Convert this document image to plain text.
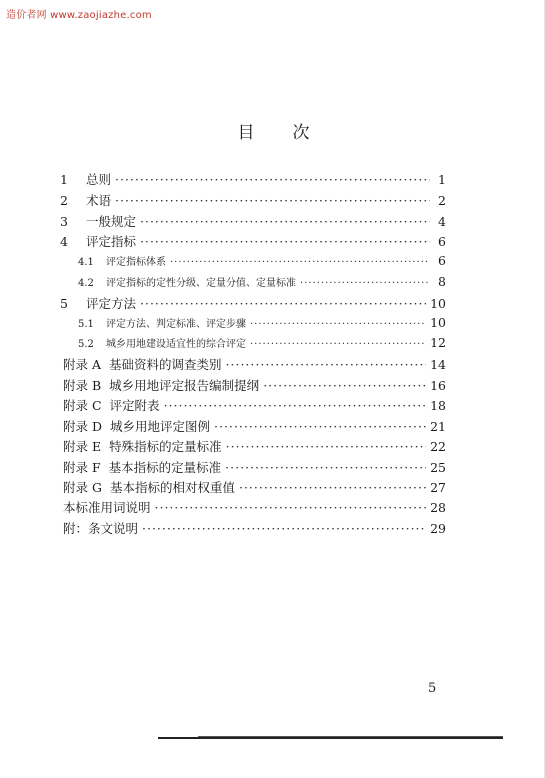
造价者网 www.zaojiazhe.com
目次
1	总则 ·····	1
2	术语 ·····	2
3	一般规定 ·····	4
4	评定指标 ·····	6
4.1	评定指标体系 ·····	6
4.2	评定指标的定性分级、定量分值、定量标准 ·····	8
5	评定方法 ·····	10
5.1	评定方法、判定标准、评定步骤 ·····	10
5.2	城乡用地建设适宜性的综合评定 ·····	12
附录 A 基础资料的调查类别 ·····	14
附录 B 城乡用地评定报告编制提纲 ·····	16
附录 C 评定附表 ·····	18
附录 D 城乡用地评定图例 ·····	21
附录 E 特殊指标的定量标准 ·····	22
附录 F 基本指标的定量标准 ·····	25
附录 G 基本指标的相对权重值 ·····	27
本标准用词说明 ·····	28
附：条文说明 ·····	29
5
